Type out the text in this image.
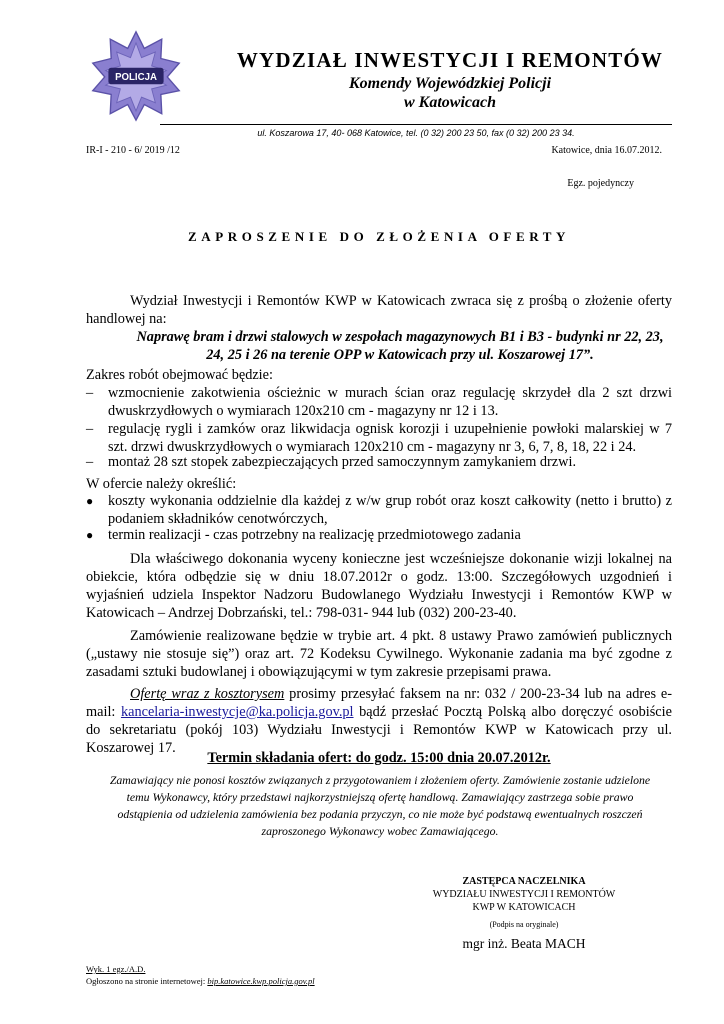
POLICJA
WYDZIAŁ INWESTYCJI I REMONTÓW
Komendy Wojewódzkiej Policji
w Katowicach
ul. Koszarowa 17, 40- 068 Katowice, tel. (0 32) 200 23 50, fax (0 32) 200 23 34.
IR-I - 210 - 6/ 2019 /12	Katowice, dnia 16.07.2012.
Egz. pojedynczy
ZAPROSZENIE DO ZŁOŻENIA OFERTY
Wydział Inwestycji i Remontów KWP w Katowicach zwraca się z prośbą o złożenie oferty handlowej na:
Naprawę bram i drzwi stalowych w zespołach magazynowych B1 i B3 - budynki nr 22, 23, 24, 25 i 26 na terenie OPP w Katowicach przy ul. Koszarowej 17”.
Zakres robót obejmować będzie:
–	wzmocnienie zakotwienia ościeżnic w murach ścian oraz regulację skrzydeł dla 2 szt drzwi dwuskrzydłowych o wymiarach 120x210 cm - magazyny nr 12 i 13.
–	regulację rygli i zamków oraz likwidacja ognisk korozji i uzupełnienie powłoki malarskiej w 7 szt. drzwi dwuskrzydłowych o wymiarach 120x210 cm - magazyny nr 3, 6, 7, 8, 18, 22 i 24.
–	montaż 28 szt stopek zabezpieczających przed samoczynnym zamykaniem drzwi.
W ofercie należy określić:
●	koszty wykonania oddzielnie dla każdej z w/w grup robót oraz koszt całkowity (netto i brutto) z podaniem składników cenotwórczych,
●	termin realizacji - czas potrzebny na realizację przedmiotowego zadania
Dla właściwego dokonania wyceny konieczne jest wcześniejsze dokonanie wizji lokalnej na obiekcie, która odbędzie się w dniu 18.07.2012r o godz. 13:00. Szczegółowych uzgodnień i wyjaśnień udziela Inspektor Nadzoru Budowlanego Wydziału Inwestycji i Remontów KWP w Katowicach – Andrzej Dobrzański, tel.: 798-031- 944 lub (032) 200-23-40.
Zamówienie realizowane będzie w trybie art. 4 pkt. 8 ustawy Prawo zamówień publicznych („ustawy nie stosuje się”) oraz art. 72 Kodeksu Cywilnego. Wykonanie zadania ma być zgodne z zasadami sztuki budowlanej i obowiązującymi w tym zakresie przepisami prawa.
Ofertę wraz z kosztorysem prosimy przesyłać faksem na nr: 032 / 200-23-34 lub na adres e-mail: kancelaria-inwestycje@ka.policja.gov.pl bądź przesłać Pocztą Polską albo doręczyć osobiście do sekretariatu (pokój 103) Wydziału Inwestycji i Remontów KWP w Katowicach przy ul. Koszarowej 17.
Termin składania ofert: do godz. 15:00 dnia 20.07.2012r.
Zamawiający nie ponosi kosztów związanych z przygotowaniem i złożeniem oferty. Zamówienie zostanie udzielone temu Wykonawcy, który przedstawi najkorzystniejszą ofertę handlową. Zamawiający zastrzega sobie prawo odstąpienia od udzielenia zamówienia bez podania przyczyn, co nie może być podstawą ewentualnych roszczeń zaproszonego Wykonawcy wobec Zamawiającego.
ZASTĘPCA NACZELNIKA
WYDZIAŁU INWESTYCJI I REMONTÓW
KWP W KATOWICACH
(Podpis na oryginale)
mgr inż. Beata MACH
Wyk. 1 egz./A.D.
Ogłoszono na stronie internetowej: bip.katowice.kwp.policja.gov.pl
